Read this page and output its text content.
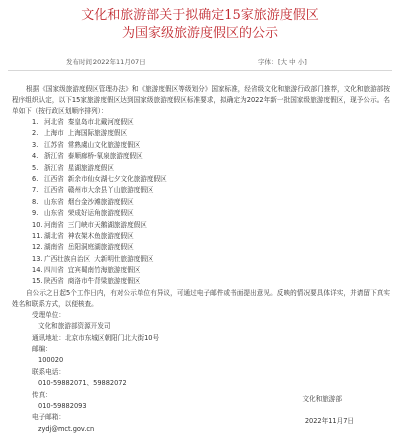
文化和旅游部关于拟确定15家旅游度假区
为国家级旅游度假区的公示
发布时间：
2022年11月07日	字体： [大 中 小]

根据《国家级旅游度假区管理办法》和《旅游度假区等级划分》国家标准，经省级文化和旅游行政部门推荐，文化和旅游部按程序组织认定，以下15家旅游度假区达到国家级旅游度假区标准要求，拟确定为2022年新一批国家级旅游度假区，现予公示。名单如下（按行政区划顺序排列）：

1. 河北省 秦皇岛市北戴河度假区
2. 上海市 上海国际旅游度假区
3. 江苏省 常熟虞山文化旅游度假区
4. 浙江省 泰顺廊桥-氡泉旅游度假区
5. 浙江省 星湖旅游度假区
6. 江西省 新余市仙女湖七夕文化旅游度假区
7. 江西省 赣州市大余县丫山旅游度假区
8. 山东省 烟台金沙滩旅游度假区
9. 山东省 荣成好运角旅游度假区
10. 河南省 三门峡市天鹅湖旅游度假区
11. 湖北省 神农架木鱼旅游度假区
12. 湖南省 岳阳洞庭湖旅游度假区
13. 广西壮族自治区 大新明仕旅游度假区
14. 四川省 宜宾蜀南竹海旅游度假区
15. 陕西省 商洛市牛背梁旅游度假区

自公示之日起5个工作日内，有对公示单位有异议，可通过电子邮件或书面提出意见。反映的情况要具体详实，并请留下真实姓名和联系方式，以便核查。

受理单位：
文化和旅游部资源开发司
通讯地址：北京市东城区朝阳门北大街10号
邮编：
100020
联系电话：
010-59882071、59882072
传真：
010-59882093
电子邮箱：
zydj@mct.gov.cn
文化和旅游部
2022年11月7日
